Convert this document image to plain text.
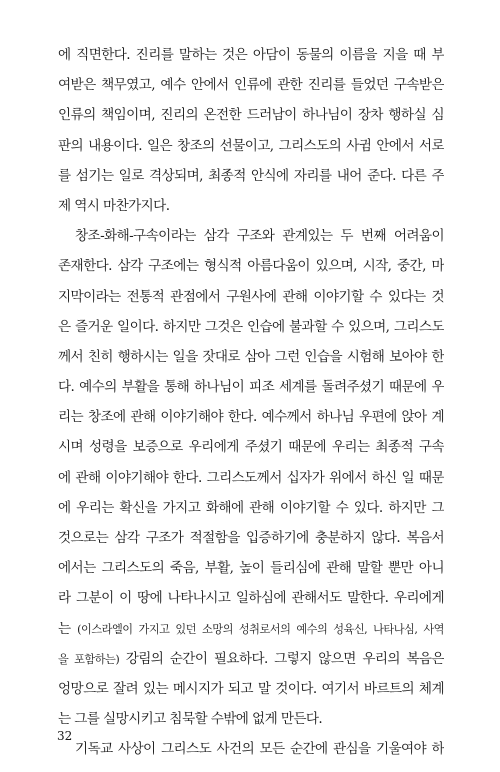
에 직면한다. 진리를 말하는 것은 아담이 동물의 이름을 지을 때 부
여받은 책무였고, 예수 안에서 인류에 관한 진리를 들었던 구속받은
인류의 책임이며, 진리의 온전한 드러남이 하나님이 장차 행하실 심
판의 내용이다. 일은 창조의 선물이고, 그리스도의 사귐 안에서 서로
를 섬기는 일로 격상되며, 최종적 안식에 자리를 내어 준다. 다른 주
제 역시 마찬가지다.
창조-화해-구속이라는 삼각 구조와 관계있는 두 번째 어려움이
존재한다. 삼각 구조에는 형식적 아름다움이 있으며, 시작, 중간, 마
지막이라는 전통적 관점에서 구원사에 관해 이야기할 수 있다는 것
은 즐거운 일이다. 하지만 그것은 인습에 불과할 수 있으며, 그리스도
께서 친히 행하시는 일을 잣대로 삼아 그런 인습을 시험해 보아야 한
다. 예수의 부활을 통해 하나님이 피조 세계를 돌려주셨기 때문에 우
리는 창조에 관해 이야기해야 한다. 예수께서 하나님 우편에 앉아 계
시며 성령을 보증으로 우리에게 주셨기 때문에 우리는 최종적 구속
에 관해 이야기해야 한다. 그리스도께서 십자가 위에서 하신 일 때문
에 우리는 확신을 가지고 화해에 관해 이야기할 수 있다. 하지만 그
것으로는 삼각 구조가 적절함을 입증하기에 충분하지 않다. 복음서
에서는 그리스도의 죽음, 부활, 높이 들리심에 관해 말할 뿐만 아니
라 그분이 이 땅에 나타나시고 일하심에 관해서도 말한다. 우리에게
는 (이스라엘이 가지고 있던 소망의 성취로서의 예수의 성육신, 나타나심, 사역
을 포함하는) 강림의 순간이 필요하다. 그렇지 않으면 우리의 복음은
엉망으로 잘려 있는 메시지가 되고 말 것이다. 여기서 바르트의 체계
는 그를 실망시키고 침묵할 수밖에 없게 만든다.
기독교 사상이 그리스도 사건의 모든 순간에 관심을 기울여야 하
32
